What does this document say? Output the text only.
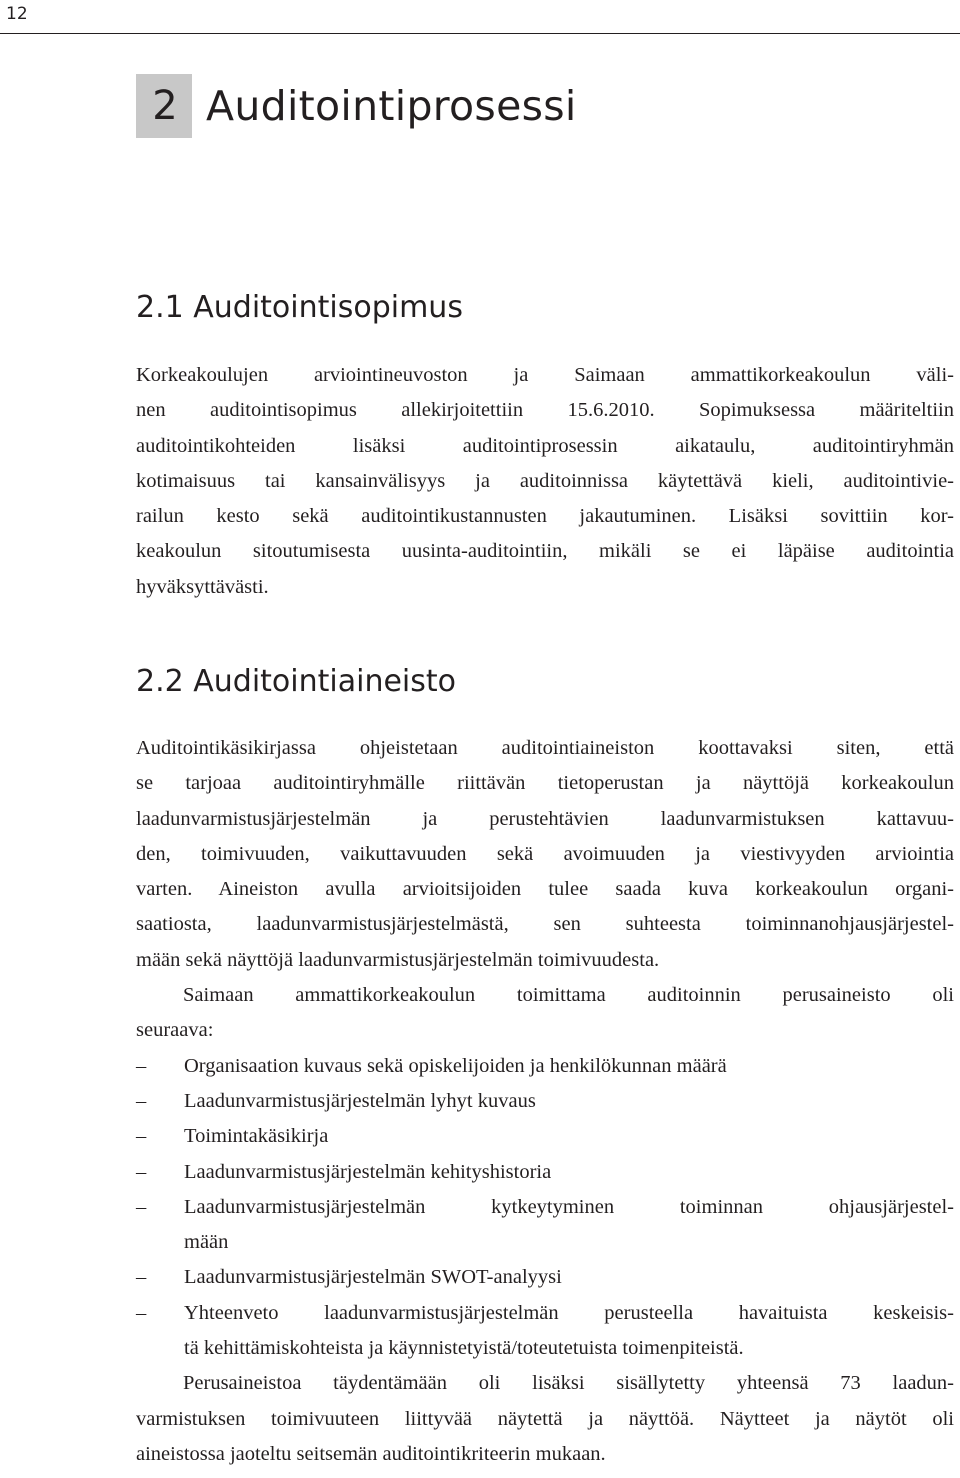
12
2 Auditointiprosessi
2.1 Auditointisopimus
Korkeakoulujen arviointineuvoston ja Saimaan ammattikorkeakoulun väli-
nen auditointisopimus allekirjoitettiin 15.6.2010. Sopimuksessa määriteltiin
auditointikohteiden lisäksi auditointiprosessin aikataulu, auditointiryhmän
kotimaisuus tai kansainvälisyys ja auditoinnissa käytettävä kieli, auditointivie-
railun kesto sekä auditointikustannusten jakautuminen. Lisäksi sovittiin kor-
keakoulun sitoutumisesta uusinta-auditointiin, mikäli se ei läpäise auditointia
hyväksyttävästi.
2.2 Auditointiaineisto
Auditointikäsikirjassa ohjeistetaan auditointiaineiston koottavaksi siten, että
se tarjoaa auditointiryhmälle riittävän tietoperustan ja näyttöjä korkeakoulun
laadunvarmistusjärjestelmän ja perustehtävien laadunvarmistuksen kattavuu-
den, toimivuuden, vaikuttavuuden sekä avoimuuden ja viestivyyden arviointia
varten. Aineiston avulla arvioitsijoiden tulee saada kuva korkeakoulun organi-
saatiosta, laadunvarmistusjärjestelmästä, sen suhteesta toiminnanohjausjärjestel-
mään sekä näyttöjä laadunvarmistusjärjestelmän toimivuudesta.
Saimaan ammattikorkeakoulun toimittama auditoinnin perusaineisto oli
seuraava:
– Organisaation kuvaus sekä opiskelijoiden ja henkilökunnan määrä
– Laadunvarmistusjärjestelmän lyhyt kuvaus
– Toimintakäsikirja
– Laadunvarmistusjärjestelmän kehityshistoria
– Laadunvarmistusjärjestelmän kytkeytyminen toiminnan ohjausjärjestel-
mään
– Laadunvarmistusjärjestelmän SWOT-analyysi
– Yhteenveto laadunvarmistusjärjestelmän perusteella havaituista keskeisis-
tä kehittämiskohteista ja käynnistetyistä/toteutetuista toimenpiteistä.
Perusaineistoa täydentämään oli lisäksi sisällytetty yhteensä 73 laadun-
varmistuksen toimivuuteen liittyvää näytettä ja näyttöä. Näytteet ja näytöt oli
aineistossa jaoteltu seitsemän auditointikriteerin mukaan.
